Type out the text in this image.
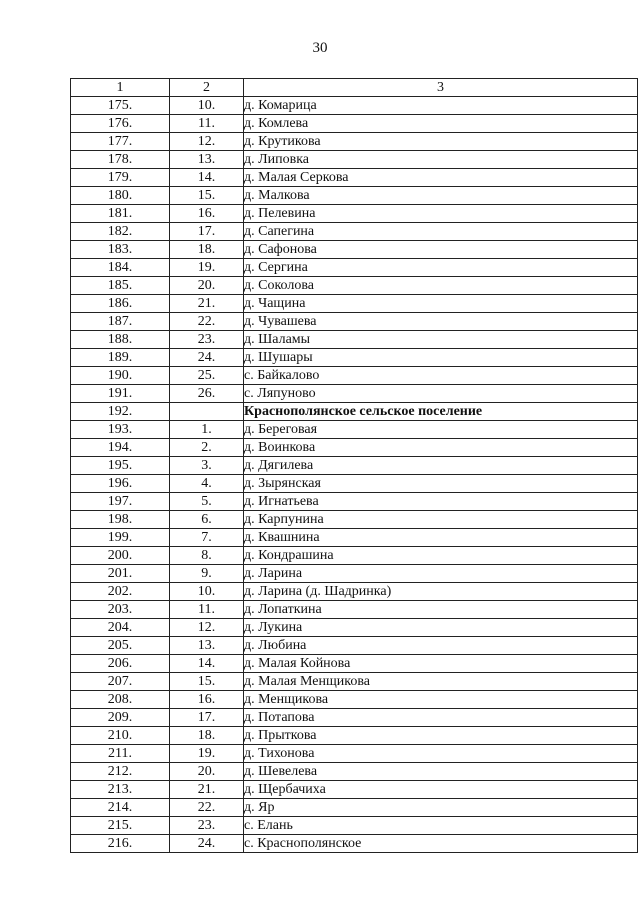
30
1	2	3
175.	10.	д. Комарица
176.	11.	д. Комлева
177.	12.	д. Крутикова
178.	13.	д. Липовка
179.	14.	д. Малая Серкова
180.	15.	д. Малкова
181.	16.	д. Пелевина
182.	17.	д. Сапегина
183.	18.	д. Сафонова
184.	19.	д. Сергина
185.	20.	д. Соколова
186.	21.	д. Чащина
187.	22.	д. Чувашева
188.	23.	д. Шаламы
189.	24.	д. Шушары
190.	25.	с. Байкалово
191.	26.	с. Ляпуново
192.		Краснополянское сельское поселение
193.	1.	д. Береговая
194.	2.	д. Воинкова
195.	3.	д. Дягилева
196.	4.	д. Зырянская
197.	5.	д. Игнатьева
198.	6.	д. Карпунина
199.	7.	д. Квашнина
200.	8.	д. Кондрашина
201.	9.	д. Ларина
202.	10.	д. Ларина (д. Шадринка)
203.	11.	д. Лопаткина
204.	12.	д. Лукина
205.	13.	д. Любина
206.	14.	д. Малая Койнова
207.	15.	д. Малая Менщикова
208.	16.	д. Менщикова
209.	17.	д. Потапова
210.	18.	д. Прыткова
211.	19.	д. Тихонова
212.	20.	д. Шевелева
213.	21.	д. Щербачиха
214.	22.	д. Яр
215.	23.	с. Елань
216.	24.	с. Краснополянское
